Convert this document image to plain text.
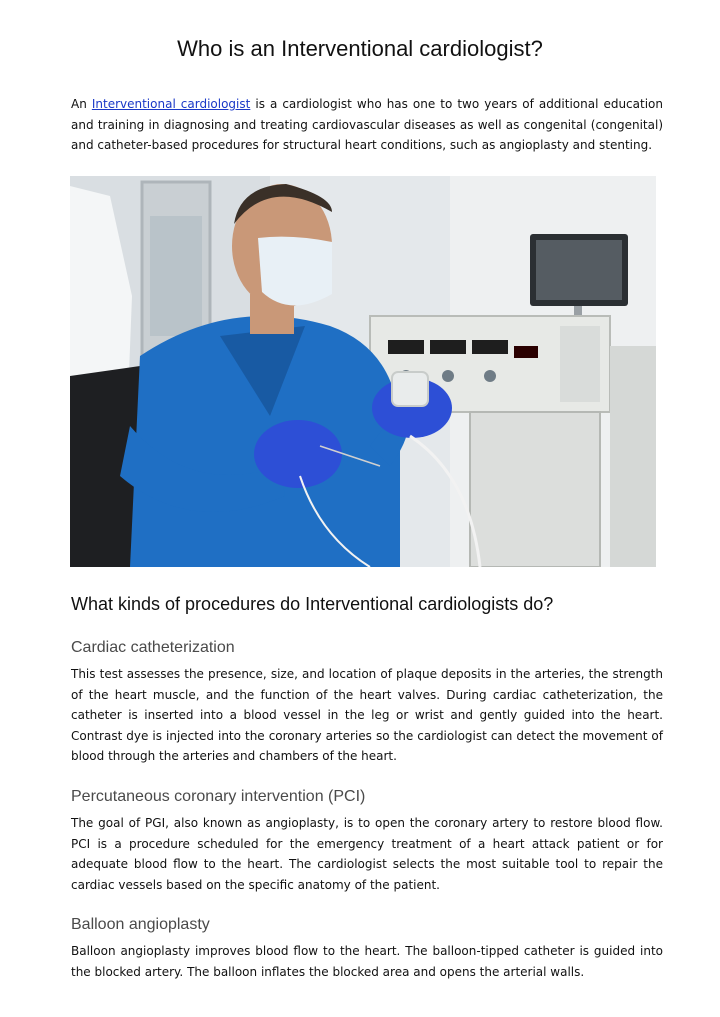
Who is an Interventional cardiologist?

An Interventional cardiologist is a cardiologist who has one to two years of additional education and training in diagnosing and treating cardiovascular diseases as well as congenital (congenital) and catheter-based procedures for structural heart conditions, such as angioplasty and stenting.

What kinds of procedures do Interventional cardiologists do?
Cardiac catheterization

This test assesses the presence, size, and location of plaque deposits in the arteries, the strength of the heart muscle, and the function of the heart valves. During cardiac catheterization, the catheter is inserted into a blood vessel in the leg or wrist and gently guided into the heart. Contrast dye is injected into the coronary arteries so the cardiologist can detect the movement of blood through the arteries and chambers of the heart.

Percutaneous coronary intervention (PCI)

The goal of PGI, also known as angioplasty, is to open the coronary artery to restore blood flow. PCI is a procedure scheduled for the emergency treatment of a heart attack patient or for adequate blood flow to the heart. The cardiologist selects the most suitable tool to repair the cardiac vessels based on the specific anatomy of the patient.

Balloon angioplasty

Balloon angioplasty improves blood flow to the heart. The balloon-tipped catheter is guided into the blocked artery. The balloon inflates the blocked area and opens the arterial walls.
